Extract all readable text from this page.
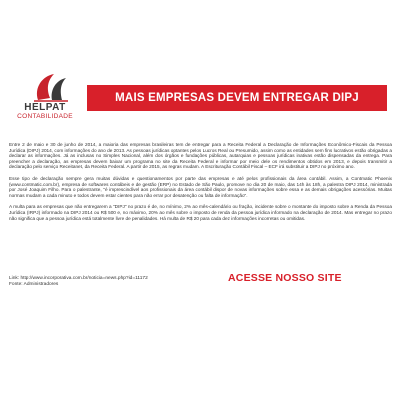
HELPAT
CONTABILIDADE
MAIS EMPRESAS DEVEM ENTREGAR DIPJ

Entre 2 de maio e 30 de junho de 2014, a maioria das empresas brasileiras tem de entregar para a Receita Federal a Declaração de Informações Econômico-Fiscais da Pessoa Jurídica (DIPJ) 2014, com informações do ano de 2013. As pessoas jurídicas optantes pelos Lucros Real ou Presumido, assim como as entidades sem fins lucrativos estão obrigadas a declarar as informações. Já as inclusas no Simples Nacional, além dos órgãos e fundações públicas, autarquias e pessoas jurídicas inativas estão dispensadas da entrega. Para preencher a declaração, as empresas devem baixar um programa no site da Receita Federal e informar por meio dele os rendimentos obtidos em 2013, e depois transmitir a declaração pelo serviço Receitanet, da Receita Federal. A partir de 2015, as regras mudam. A Escrituração Contábil Fiscal – ECF irá substituir a DIPJ no próximo ano.

Esse tipo de declaração sempre gera muitas dúvidas e questionamentos por parte das empresas e até pelos profissionais da área contábil. Assim, a Contmatic Phoenix (www.contmatic.com.br), empresa de softwares contábeis e de gestão (ERP) no Estado de São Paulo, promove no dia 20 de maio, das 14h às 18h, a palestra DIPJ 2014, ministrada por José Joaquim Filho. Para o palestrante, "é imprescindível aos profissionais da área contábil dispor de novas informações sobre essa e as demais obrigações acessórias. Muitas normas mudam a cada minuto e todos devem estar cientes para não errar por desatenção ou falta de informação".

A multa para as empresas que não entregarem a "DIPJ" no prazo é de, no mínimo, 2% ao mês-calendário ou fração, incidente sobre o montante do imposto sobre a Renda da Pessoa Jurídica (IRPJ) informado na DIPJ 2014 ou R$ 500 e, no máximo, 20% ao mês sobre o imposto de renda da pessoa jurídica informado na declaração de 2014. Mas entregar no prazo não significa que a pessoa jurídica está totalmente livre de penalidades. Há multa de R$ 20 para cada dez informações incorretas ou omitidas.

Link: http://www.incorporativa.com.br/noticia=news.php?id=11172
Fonte: Administradores
ACESSE NOSSO SITE
